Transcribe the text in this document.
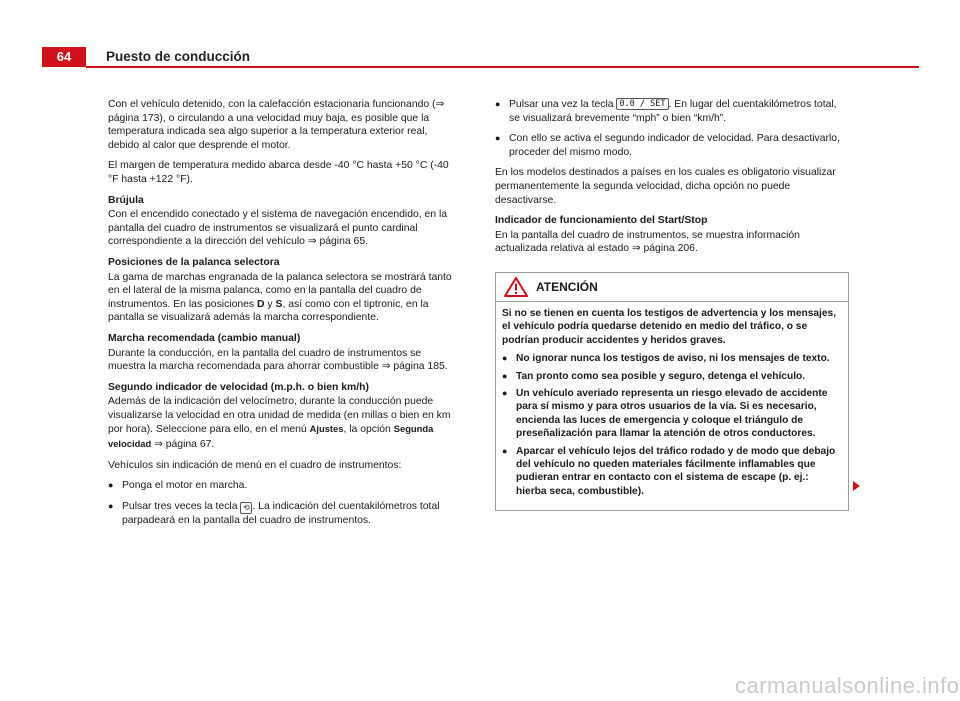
64	Puesto de conducción

Con el vehículo detenido, con la calefacción estacionaria funcionando (⇒ página 173), o circulando a una velocidad muy baja, es posible que la temperatura indicada sea algo superior a la temperatura exterior real, debido al calor que desprende el motor.

El margen de temperatura medido abarca desde -40 °C hasta +50 °C (-40 °F hasta +122 °F).

Brújula

Con el encendido conectado y el sistema de navegación encendido, en la pantalla del cuadro de instrumentos se visualizará el punto cardinal correspondiente a la dirección del vehículo ⇒ página 65.

Posiciones de la palanca selectora

La gama de marchas engranada de la palanca selectora se mostrará tanto en el lateral de la misma palanca, como en la pantalla del cuadro de instrumentos. En las posiciones D y S, así como con el tiptronic, en la pantalla se visualizará además la marcha correspondiente.

Marcha recomendada (cambio manual)

Durante la conducción, en la pantalla del cuadro de instrumentos se muestra la marcha recomendada para ahorrar combustible ⇒ página 185.

Segundo indicador de velocidad (m.p.h. o bien km/h)

Además de la indicación del velocímetro, durante la conducción puede visualizarse la velocidad en otra unidad de medida (en millas o bien en km por hora). Seleccione para ello, en el menú Ajustes, la opción Segunda velocidad ⇒ página 67.

Vehículos sin indicación de menú en el cuadro de instrumentos:

● Ponga el motor en marcha.
● Pulsar tres veces la tecla ⟲ . La indicación del cuentakilómetros total parpadeará en la pantalla del cuadro de instrumentos.
● Pulsar una vez la tecla 0.0 / SET . En lugar del cuentakilómetros total, se visualizará brevemente “mph” o bien “km/h”.
● Con ello se activa el segundo indicador de velocidad. Para desactivarlo, proceder del mismo modo.

En los modelos destinados a países en los cuales es obligatorio visualizar permanentemente la segunda velocidad, dicha opción no puede desactivarse.

Indicador de funcionamiento del Start/Stop

En la pantalla del cuadro de instrumentos, se muestra información actualizada relativa al estado ⇒ página 206.

ATENCIÓN

Si no se tienen en cuenta los testigos de advertencia y los mensajes, el vehículo podría quedarse detenido en medio del tráfico, o se podrían producir accidentes y heridos graves.

● No ignorar nunca los testigos de aviso, ni los mensajes de texto.
● Tan pronto como sea posible y seguro, detenga el vehículo.
● Un vehículo averiado representa un riesgo elevado de accidente para sí mismo y para otros usuarios de la vía. Si es necesario, encienda las luces de emergencia y coloque el triángulo de preseñalización para llamar la atención de otros conductores.
● Aparcar el vehículo lejos del tráfico rodado y de modo que debajo del vehículo no queden materiales fácilmente inflamables que pudieran entrar en contacto con el sistema de escape (p. ej.: hierba seca, combustible).
carmanualsonline.info
